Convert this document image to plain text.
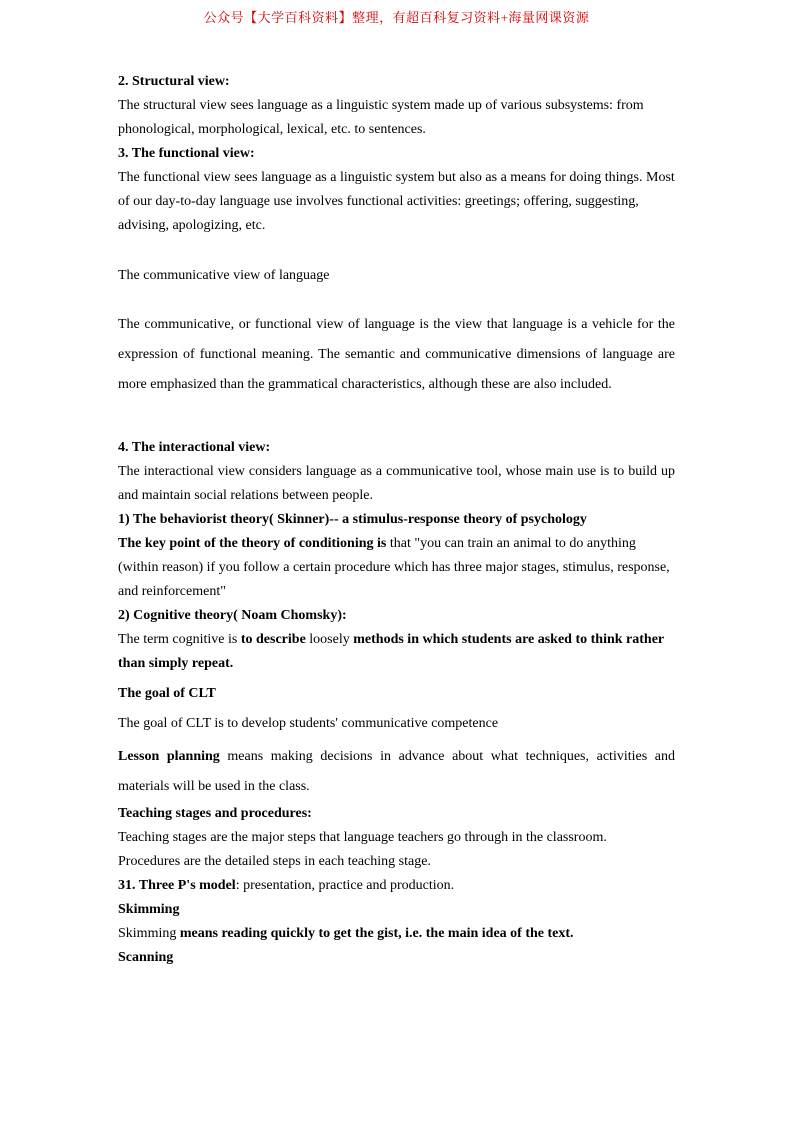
公众号【大学百科资料】整理，有超百科复习资料+海量网课资源

2. Structural view:

The structural view sees language as a linguistic system made up of various subsystems: from phonological, morphological, lexical, etc. to sentences.

3. The functional view:

The functional view sees language as a linguistic system but also as a means for doing things. Most of our day-to-day language use involves functional activities: greetings; offering, suggesting, advising, apologizing, etc.

The communicative view of language

The communicative, or functional view of language is the view that language is a vehicle for the expression of functional meaning. The semantic and communicative dimensions of language are more emphasized than the grammatical characteristics, although these are also included.

4. The interactional view:

The interactional view considers language as a communicative tool, whose main use is to build up and maintain social relations between people.

1) The behaviorist theory( Skinner)-- a stimulus-response theory of psychology

The key point of the theory of conditioning is that "you can train an animal to do anything (within reason) if you follow a certain procedure which has three major stages, stimulus, response, and reinforcement"

2) Cognitive theory( Noam Chomsky):

The term cognitive is to describe loosely methods in which students are asked to think rather than simply repeat.

The goal of CLT

The goal of CLT is to develop students' communicative competence

Lesson planning means making decisions in advance about what techniques, activities and materials will be used in the class.

Teaching stages and procedures:

Teaching stages are the major steps that language teachers go through in the classroom.

Procedures are the detailed steps in each teaching stage.

31. Three P's model: presentation, practice and production.

Skimming

Skimming means reading quickly to get the gist, i.e. the main idea of the text.

Scanning
